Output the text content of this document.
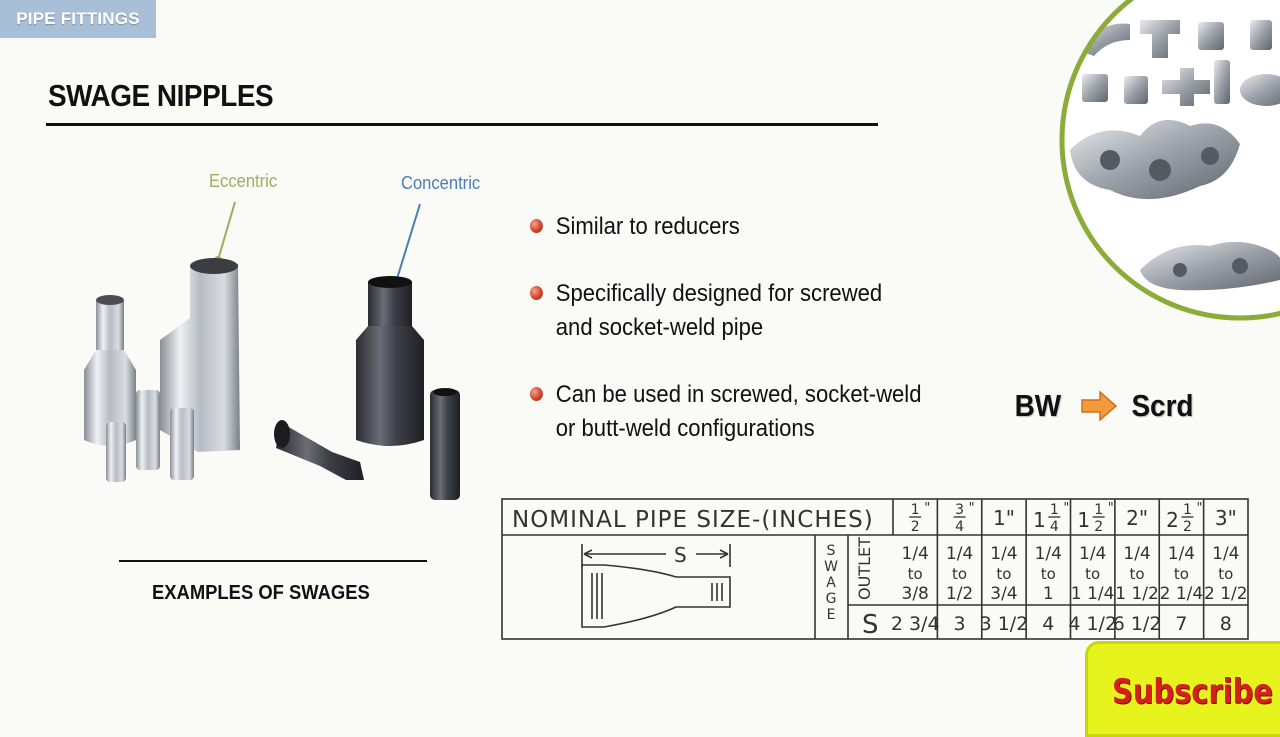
PIPE FITTINGS
SWAGE NIPPLES
Eccentric	Concentric
EXAMPLES OF SWAGES
Similar to reducers
Specifically designed for screwed
and socket-weld pipe
Can be used in screwed, socket-weld
or butt-weld configurations
BW Scrd
NOMINAL PIPE SIZE-(INCHES)
S	S
W
A
G
E
OUTLET
S
1
2
" 3
4
" 1" 1 1
4
" 1 1
2
" 2" 2 1
2
" 3"
1/4
to
3/8
1/4
to
1/2
1/4
to
3/4
1/4
to
1
1/4
to
1 1/4
1/4
to
1 1/2
1/4
to
2 1/4
1/4
to
2 1/2
2 3/4 3 3 1/2 4 4 1/2
6 1/2 7 8
Subscribe
